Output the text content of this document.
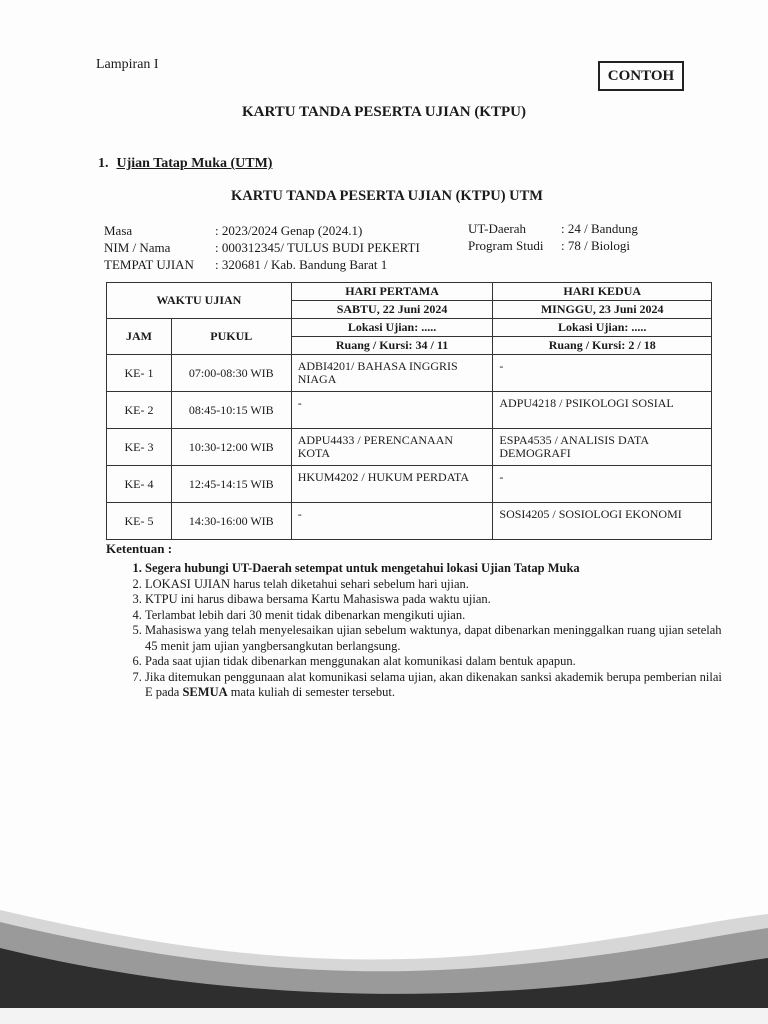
Lampiran I
CONTOH
KARTU TANDA PESERTA UJIAN (KTPU)
1. Ujian Tatap Muka (UTM)
KARTU TANDA PESERTA UJIAN (KTPU) UTM
Masa	: 2023/2024 Genap (2024.1)
NIM / Nama	: 000312345/ TULUS BUDI PEKERTI
TEMPAT UJIAN : 320681 / Kab. Bandung Barat 1
UT-Daerah	: 24 / Bandung
Program Studi : 78 / Biologi
WAKTU UJIAN		HARI PERTAMA	HARI KEDUA
		SABTU, 22 Juni 2024	MINGGU, 23 Juni 2024
JAM	PUKUL	Lokasi Ujian: .....	Lokasi Ujian: .....
		Ruang / Kursi: 34 / 11	Ruang / Kursi: 2 / 18
KE- 1	07:00-08:30 WIB	ADBI4201/ BAHASA INGGRIS NIAGA	-
KE- 2	08:45-10:15 WIB	-	ADPU4218 / PSIKOLOGI SOSIAL
KE- 3	10:30-12:00 WIB	ADPU4433 / PERENCANAAN KOTA	ESPA4535 / ANALISIS DATA DEMOGRAFI
KE- 4	12:45-14:15 WIB	HKUM4202 / HUKUM PERDATA	-
KE- 5	14:30-16:00 WIB	-	SOSI4205 / SOSIOLOGI EKONOMI
Ketentuan :
1. Segera hubungi UT-Daerah setempat untuk mengetahui lokasi Ujian Tatap Muka
2. LOKASI UJIAN harus telah diketahui sehari sebelum hari ujian.
3. KTPU ini harus dibawa bersama Kartu Mahasiswa pada waktu ujian.
4. Terlambat lebih dari 30 menit tidak dibenarkan mengikuti ujian.
5. Mahasiswa yang telah menyelesaikan ujian sebelum waktunya, dapat dibenarkan meninggalkan ruang ujian setelah 45 menit jam ujian yangbersangkutan berlangsung.
6. Pada saat ujian tidak dibenarkan menggunakan alat komunikasi dalam bentuk apapun.
7. Jika ditemukan penggunaan alat komunikasi selama ujian, akan dikenakan sanksi akademik berupa pemberian nilai E pada SEMUA mata kuliah di semester tersebut.
